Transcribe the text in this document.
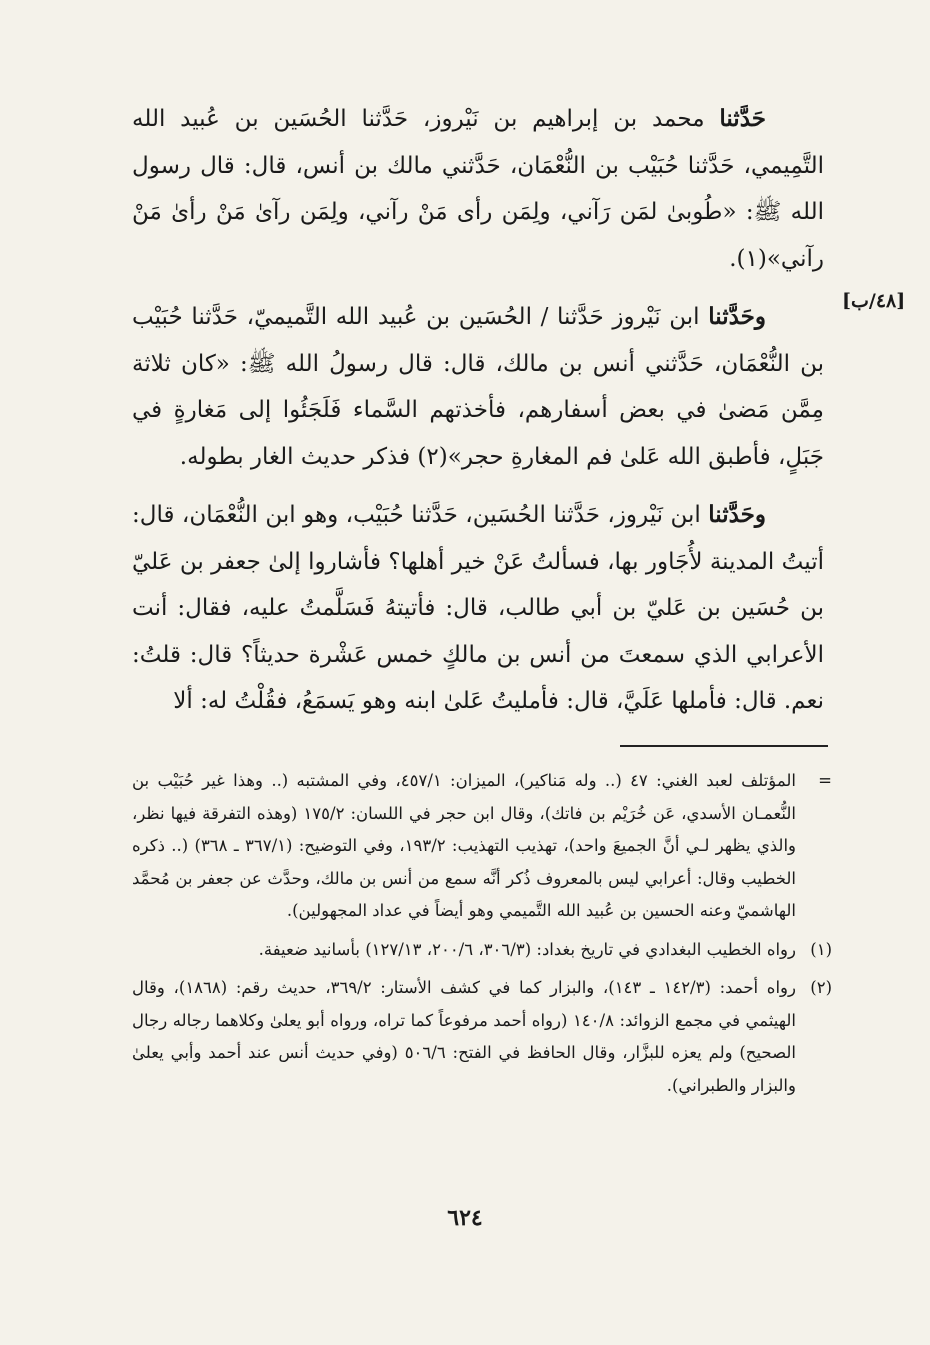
[٤٨/ب]

حَدَّثنا محمد بن إبراهيم بن نَيْروز، حَدَّثنا الحُسَين بن عُبيد الله التَّمِيمي، حَدَّثنا حُبَيْب بن النُّعْمَان، حَدَّثني مالك بن أنس، قال: قال رسول الله ﷺ: «طُوبىٰ لمَن رَآني، ولِمَن رأى مَنْ رآني، ولِمَن رآىٰ مَنْ رأىٰ مَنْ رآني»(١).

وحَدَّثنا ابن نَيْروز حَدَّثنا / الحُسَين بن عُبيد الله التَّميميّ، حَدَّثنا حُبَيْب بن النُّعْمَان، حَدَّثني أنس بن مالك، قال: قال رسولُ الله ﷺ: «كان ثلاثة مِمَّن مَضىٰ في بعض أسفارهم، فأخذتهم السَّماء فَلَجَئُوا إلى مَغارةٍ في جَبَلٍ، فأطبق الله عَلىٰ فم المغارةِ حجر»(٢) فذكر حديث الغار بطوله.

وحَدَّثنا ابن نَيْروز، حَدَّثنا الحُسَين، حَدَّثنا حُبَيْب، وهو ابن النُّعْمَان، قال: أتيتُ المدينة لأُجَاور بها، فسألتُ عَنْ خير أهلها؟ فأشاروا إلىٰ جعفر بن عَليّ بن حُسَين بن عَليّ بن أبي طالب، قال: فأتيتهُ فَسَلَّمتُ عليه، فقال: أنت الأعرابي الذي سمعتَ من أنس بن مالكٍ خمس عَشْرة حديثاً؟ قال: قلتُ: نعم. قال: فأملها عَلَيَّ، قال: فأمليتُ عَلىٰ ابنه وهو يَسمَعُ، فقُلْتُ له: ألا

=
المؤتلف لعبد الغني: ٤٧ (.. وله مَناكير)، الميزان: ٤٥٧/١، وفي المشتبه (.. وهذا غير حُبَيْب بن النُّعمـان الأسدي، عَن خُرَيْم بن فاتك)، وقال ابن حجر في اللسان: ١٧٥/٢ (وهذه التفرقة فيها نظر، والذي يظهر لـي أنَّ الجميعَ واحد)، تهذيب التهذيب: ١٩٣/٢، وفي التوضيح: (٣٦٧/١ ـ ٣٦٨) (.. ذكره الخطيب وقال: أعرابي ليس بالمعروف ذُكر أنَّه سمع من أنس بن مالك، وحدَّث عن جعفر بن مُحمَّد الهاشميّ وعنه الحسين بن عُبيد الله التَّميمي وهو أيضاً في عداد المجهولين).
(١)
رواه الخطيب البغدادي في تاريخ بغداد: (٣٠٦/٣، ٢٠٠/٦، ١٢٧/١٣) بأسانيد ضعيفة.
(٢)
رواه أحمد: (١٤٢/٣ ـ ١٤٣)، والبزار كما في كشف الأستار: ٣٦٩/٢، حديث رقم: (١٨٦٨)، وقال الهيثمي في مجمع الزوائد: ١٤٠/٨ (رواه أحمد مرفوعاً كما تراه، ورواه أبو يعلىٰ وكلاهما رجاله رجال الصحيح) ولم يعزه للبزَّار، وقال الحافظ في الفتح: ٥٠٦/٦ (وفي حديث أنس عند أحمد وأبي يعلىٰ والبزار والطبراني).
٦٢٤
